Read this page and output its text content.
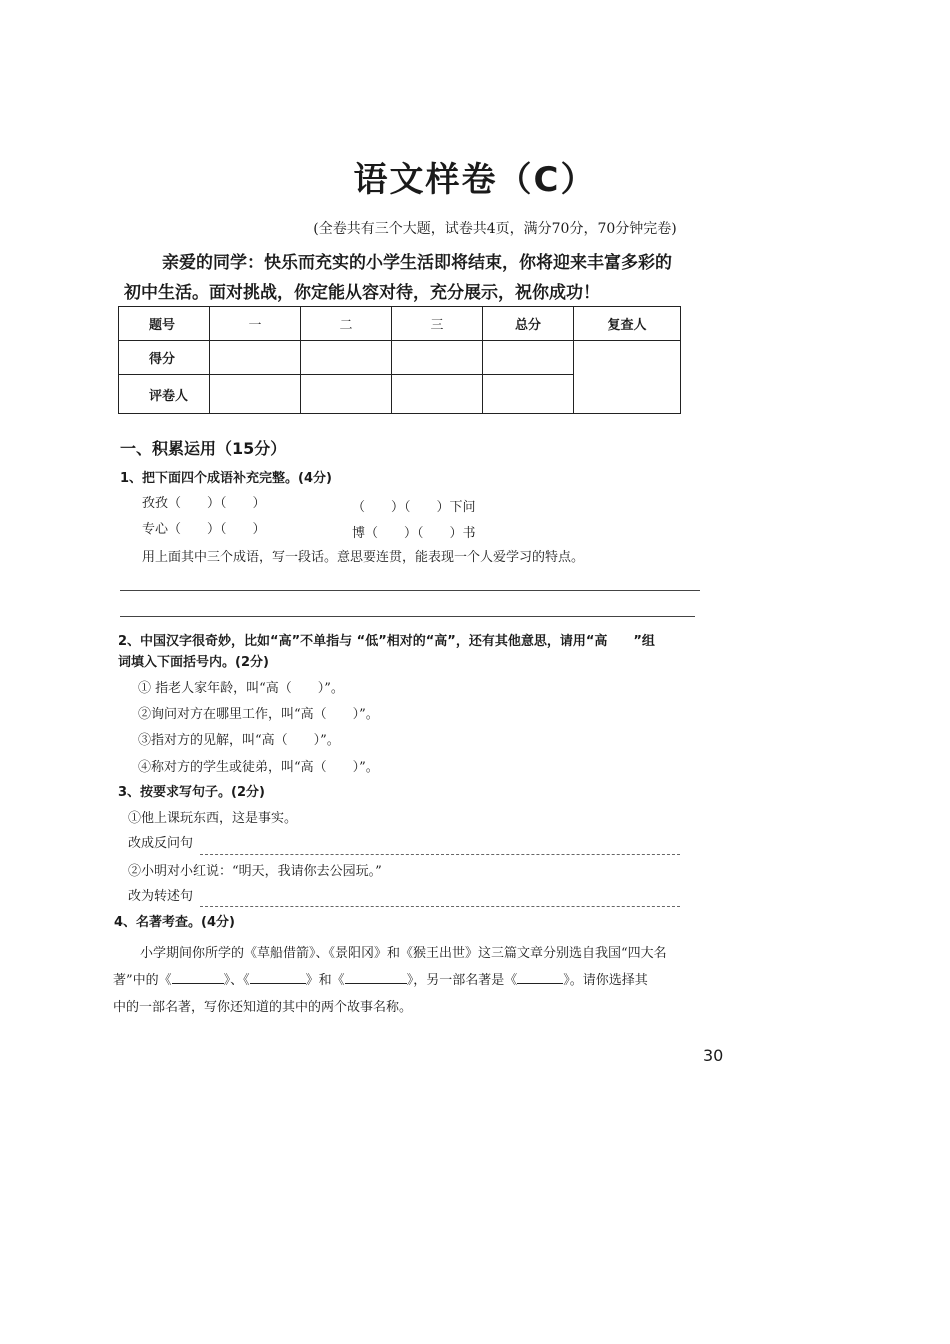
语文样卷（C）
(全卷共有三个大题，试卷共4页，满分70分，70分钟完卷)
亲爱的同学：快乐而充实的小学生活即将结束，你将迎来丰富多彩的
初中生活。面对挑战，你定能从容对待，充分展示，祝你成功！
题号	一	二	三	总分	复查人
得分					
评卷人					
一、积累运用（15分）
1、把下面四个成语补充完整。(4分)
孜孜（　　）（　　）	（　　）（　　）下问
专心（　　）（　　）	博（　　）（　　）书
用上面其中三个成语，写一段话。意思要连贯，能表现一个人爱学习的特点。
2、中国汉字很奇妙，比如“高”不单指与 “低”相对的“高”，还有其他意思，请用“高　　”组
词填入下面括号内。(2分)
① 指老人家年龄，叫“高（　　）”。
②询问对方在哪里工作，叫“高（　　）”。
③指对方的见解，叫“高（　　）”。
④称对方的学生或徒弟，叫“高（　　）”。
3、按要求写句子。(2分)
①他上课玩东西，这是事实。
改成反问句
②小明对小红说：“明天，我请你去公园玩。”
改为转述句
4、名著考查。(4分)
小学期间你所学的《草船借箭》、《景阳冈》和《猴王出世》这三篇文章分别选自我国“四大名
著”中的《	》、《	》和《	》，另一部名著是《	》。请你选择其
中的一部名著，写你还知道的其中的两个故事名称。
30
